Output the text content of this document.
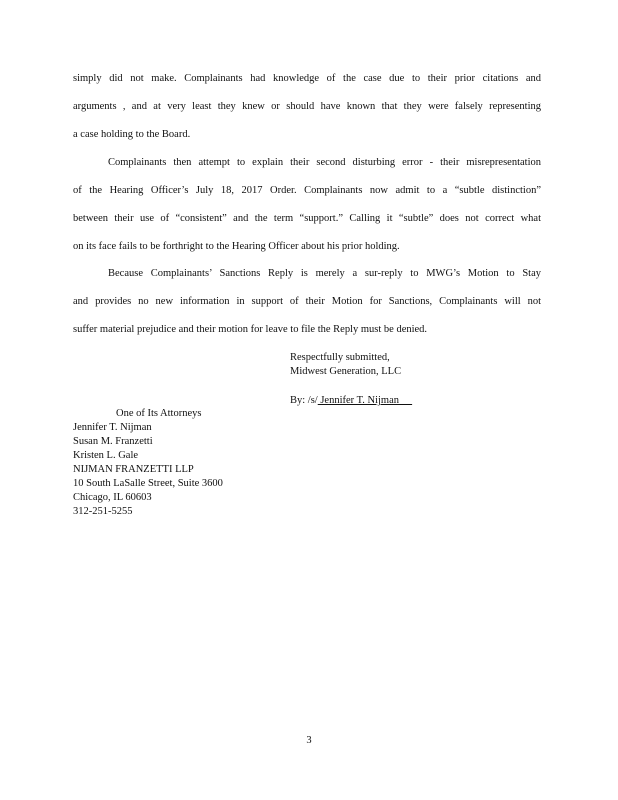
simply did not make. Complainants had knowledge of the case due to their prior citations and
arguments , and at very least they knew or should have known that they were falsely representing
a case holding to the Board.
Complainants then attempt to explain their second disturbing error - their misrepresentation
of the Hearing Officer’s July 18, 2017 Order. Complainants now admit to a “subtle distinction”
between their use of “consistent” and the term “support.” Calling it “subtle” does not correct what
on its face fails to be forthright to the Hearing Officer about his prior holding.
Because Complainants’ Sanctions Reply is merely a sur-reply to MWG’s Motion to Stay
and provides no new information in support of their Motion for Sanctions, Complainants will not
suffer material prejudice and their motion for leave to file the Reply must be denied.
Respectfully submitted,
Midwest Generation, LLC
By: /s/ Jennifer T. Nijman
One of Its Attorneys
Jennifer T. Nijman
Susan M. Franzetti
Kristen L. Gale
NIJMAN FRANZETTI LLP
10 South LaSalle Street, Suite 3600
Chicago, IL 60603
312-251-5255
3
